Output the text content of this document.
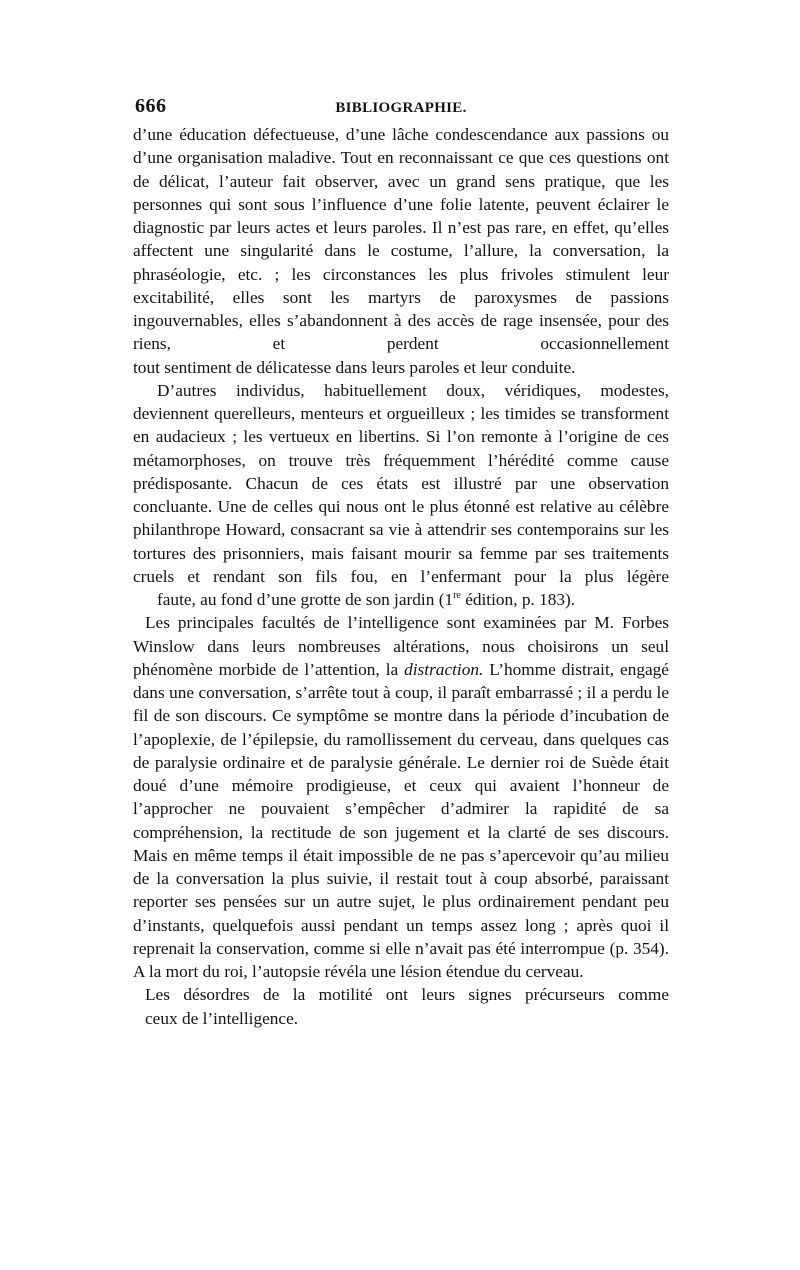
666	BIBLIOGRAPHIE.

d’une éducation défectueuse, d’une lâche condescendance aux passions ou d’une organisation maladive. Tout en reconnaissant ce que ces questions ont de délicat, l’auteur fait observer, avec un grand sens pratique, que les personnes qui sont sous l’influence d’une folie latente, peuvent éclairer le diagnostic par leurs actes et leurs paroles. Il n’est pas rare, en effet, qu’elles affectent une singularité dans le costume, l’allure, la conversation, la phraséologie, etc. ; les circonstances les plus frivoles stimulent leur excitabilité, elles sont les martyrs de paroxysmes de passions ingouvernables, elles s’abandonnent à des accès de rage insensée, pour des riens, et perdent occasionnellement
tout sentiment de délicatesse dans leurs paroles et leur conduite.

D’autres individus, habituellement doux, véridiques, modestes, deviennent querelleurs, menteurs et orgueilleux ; les timides se transforment en audacieux ; les vertueux en libertins. Si l’on remonte à l’origine de ces métamorphoses, on trouve très fréquemment l’hérédité comme cause prédisposante. Chacun de ces états est illustré par une observation concluante. Une de celles qui nous ont le plus étonné est relative au célèbre philanthrope Howard, consacrant sa vie à attendrir ses contemporains sur les tortures des prisonniers, mais faisant mourir sa femme par ses traitements cruels et rendant son fils fou, en l’enfermant pour la plus légère
faute, au fond d’une grotte de son jardin (1re édition, p. 183).

Les principales facultés de l’intelligence sont examinées par M. Forbes Winslow dans leurs nombreuses altérations, nous choisirons un seul phénomène morbide de l’attention, la distraction. L’homme distrait, engagé dans une conversation, s’arrête tout à coup, il paraît embarrassé ; il a perdu le fil de son discours. Ce symptôme se montre dans la période d’incubation de l’apoplexie, de l’épilepsie, du ramollissement du cerveau, dans quelques cas de paralysie ordinaire et de paralysie générale. Le dernier roi de Suède était doué d’une mémoire prodigieuse, et ceux qui avaient l’honneur de l’approcher ne pouvaient s’empêcher d’admirer la rapidité de sa compréhension, la rectitude de son jugement et la clarté de ses discours. Mais en même temps il était impossible de ne pas s’apercevoir qu’au milieu de la conversation la plus suivie, il restait tout à coup absorbé, paraissant reporter ses pensées sur un autre sujet, le plus ordinairement pendant peu d’instants, quelquefois aussi pendant un temps assez long ; après quoi il reprenait la conservation, comme si elle n’avait pas été interrompue (p. 354). A la mort du roi, l’autopsie révéla une lésion étendue du cerveau.

Les désordres de la motilité ont leurs signes précurseurs comme
ceux de l’intelligence.
